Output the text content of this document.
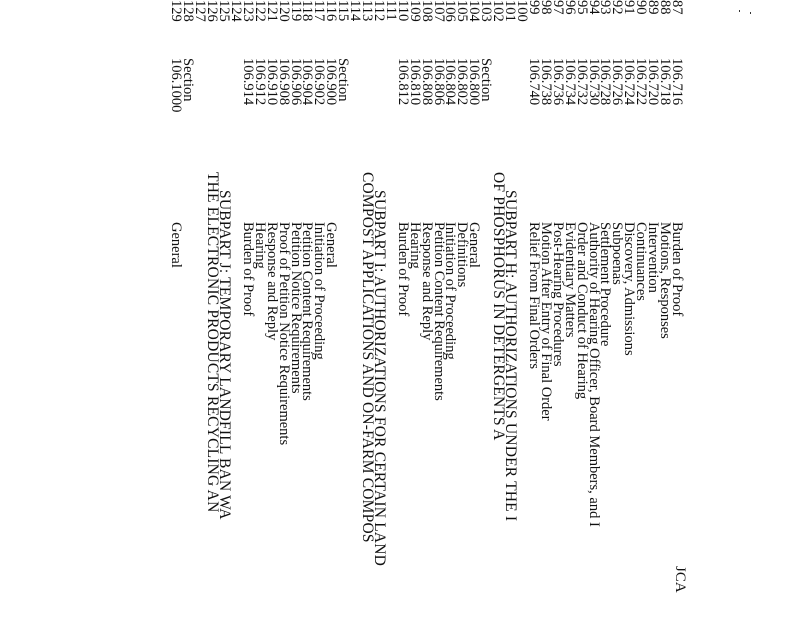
JCA
87
106.716
Burden of Proof
88
106.718
Motions, Responses
89
106.720
Intervention
90
106.722
Continuances
91
106.724
Discovery, Admissions
92
106.726
Subpoenas
93
106.728
Settlement Procedure
94
106.730
Authority of Hearing Officer, Board Members, and I
95
106.732
Order and Conduct of Hearing
96
106.734
Evidentiary Matters
97
106.736
Post-Hearing Procedures
98
106.738
Motion After Entry of Final Order
99
106.740
Relief From Final Orders
100
101
SUBPART H: AUTHORIZATIONS UNDER THE I
102
OF PHOSPHORUS IN DETERGENTS A
103
Section
104
106.800
General
105
106.802
Definitions
106
106.804
Initiation of Proceeding
107
106.806
Petition Content Requirements
108
106.808
Response and Reply
109
106.810
Hearing
110
106.812
Burden of Proof
111
112
SUBPART I: AUTHORIZATIONS FOR CERTAIN LAND
113
COMPOST APPLICATIONS AND ON-FARM COMPOS
114
115
Section
116
106.900
General
117
106.902
Initiation of Proceeding
118
106.904
Petition Content Requirements
119
106.906
Petition Notice Requirements
120
106.908
Proof of Petition Notice Requirements
121
106.910
Response and Reply
122
106.912
Hearing
123
106.914
Burden of Proof
124
125
SUBPART J: TEMPORARY LANDFILL BAN WA
126
THE ELECTRONIC PRODUCTS RECYCLING AN
127
128
Section
129
106.1000
General
